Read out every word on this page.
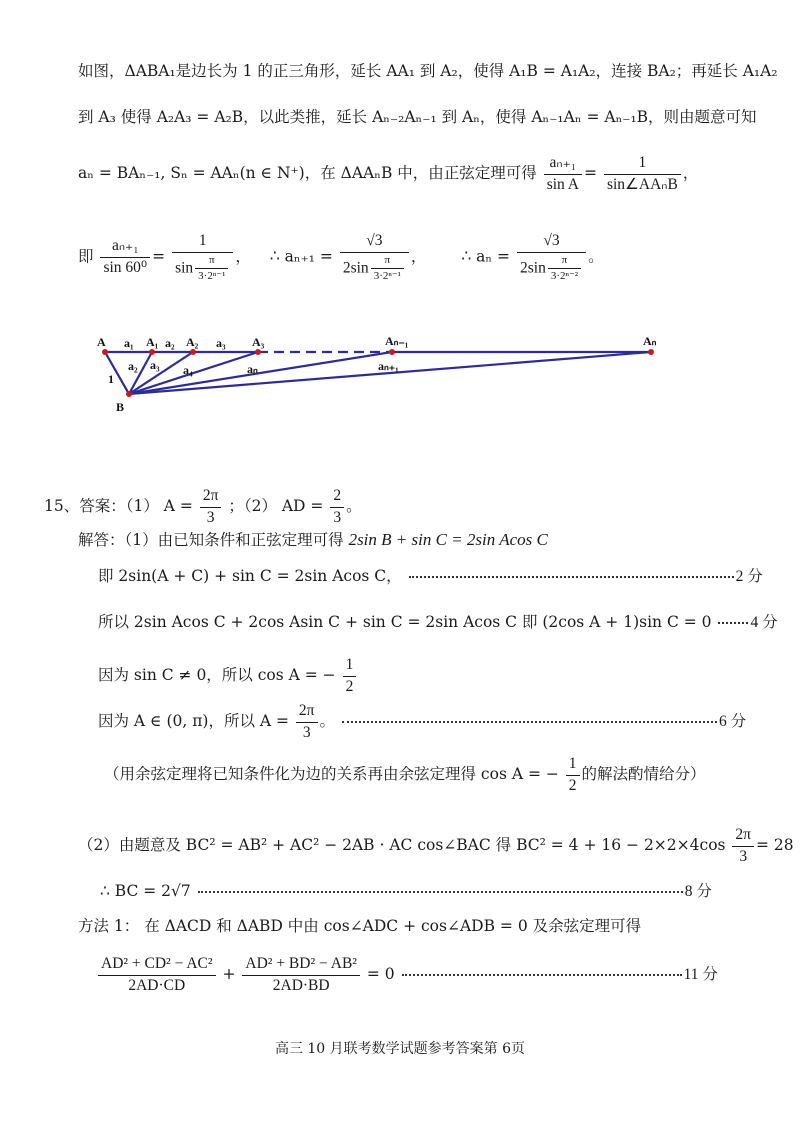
如图，ΔABA₁是边长为 1 的正三角形，延长 AA₁ 到 A₂，使得 A₁B = A₁A₂，连接 BA₂；再延长 A₁A₂
到 A₃ 使得 A₂A₃ = A₂B，以此类推，延长 Aₙ₋₂Aₙ₋₁ 到 Aₙ，使得 Aₙ₋₁Aₙ = Aₙ₋₁B，则由题意可知
aₙ = BAₙ₋₁, Sₙ = AAₙ(n ∈ N⁺)，在 ΔAAₙB 中，由正弦定理可得 $\frac{\text{aₙ₊₁}}{\text{sin A}} = \frac{1}{\text{sin∠AAₙB}}$ ，
即 $\frac{\text{aₙ₊₁}}{\text{sin 60⁰}} = \frac{1}{\sin \frac{\pi}{\text{3·2ⁿ⁻¹}}}$ ， ∴ $a_{n+1} = \frac{√3}{2\sin \frac{\pi}{\text{3·2ⁿ⁻¹}}}$ ， ∴ $a_n = \frac{√3}{2\sin \frac{\pi}{\text{3·2ⁿ⁻²}}}$ 。
A a₁ A₁ a₂ A₂ a₃ A₃	Aₙ₋₁	Aₙ
a₂ a₃ a₄	aₙ	aₙ₊₁
1
B
15、答案：（1） $A = \frac{2\pi}{3}$ ；（2） AD = $\frac{2}{3}$ 。
解答：（1）由已知条件和正弦定理可得 2sin B + sin C = 2sin Acos C
即 2sin(A + C) + sin C = 2sin Acos C，	2 分
所以 2sin Acos C + 2cos Asin C + sin C = 2sin Acos C 即 (2cos A + 1)sin C = 0	4 分
因为 sin C ≠ 0，所以 cos A = − $\frac{1}{2}$
因为 A ∈ (0, π)，所以 $A = \frac{2\pi}{3}$ 。	6 分
（用余弦定理将已知条件化为边的关系再由余弦定理得 cos A = − $\frac{1}{2}$ 的解法酌情给分）
（2）由题意及 BC² = AB² + AC² − 2AB · AC cos∠BAC 得 $BC^2 = 4 + 16 - 2\times 2\times 4\cos \frac{2\pi}{3} = 28$
∴ BC = 2√7	8 分
方法 1： 在 ΔACD 和 ΔABD 中由 cos∠ADC + cos∠ADB = 0 及余弦定理可得
$\frac{\text{AD² + CD² − AC²}}{2AD\cdot CD} + \frac{\text{AD² + BD² − AB²}}{2AD\cdot BD} = 0$	11 分
高三 10 月联考数学试题参考答案第 6页
